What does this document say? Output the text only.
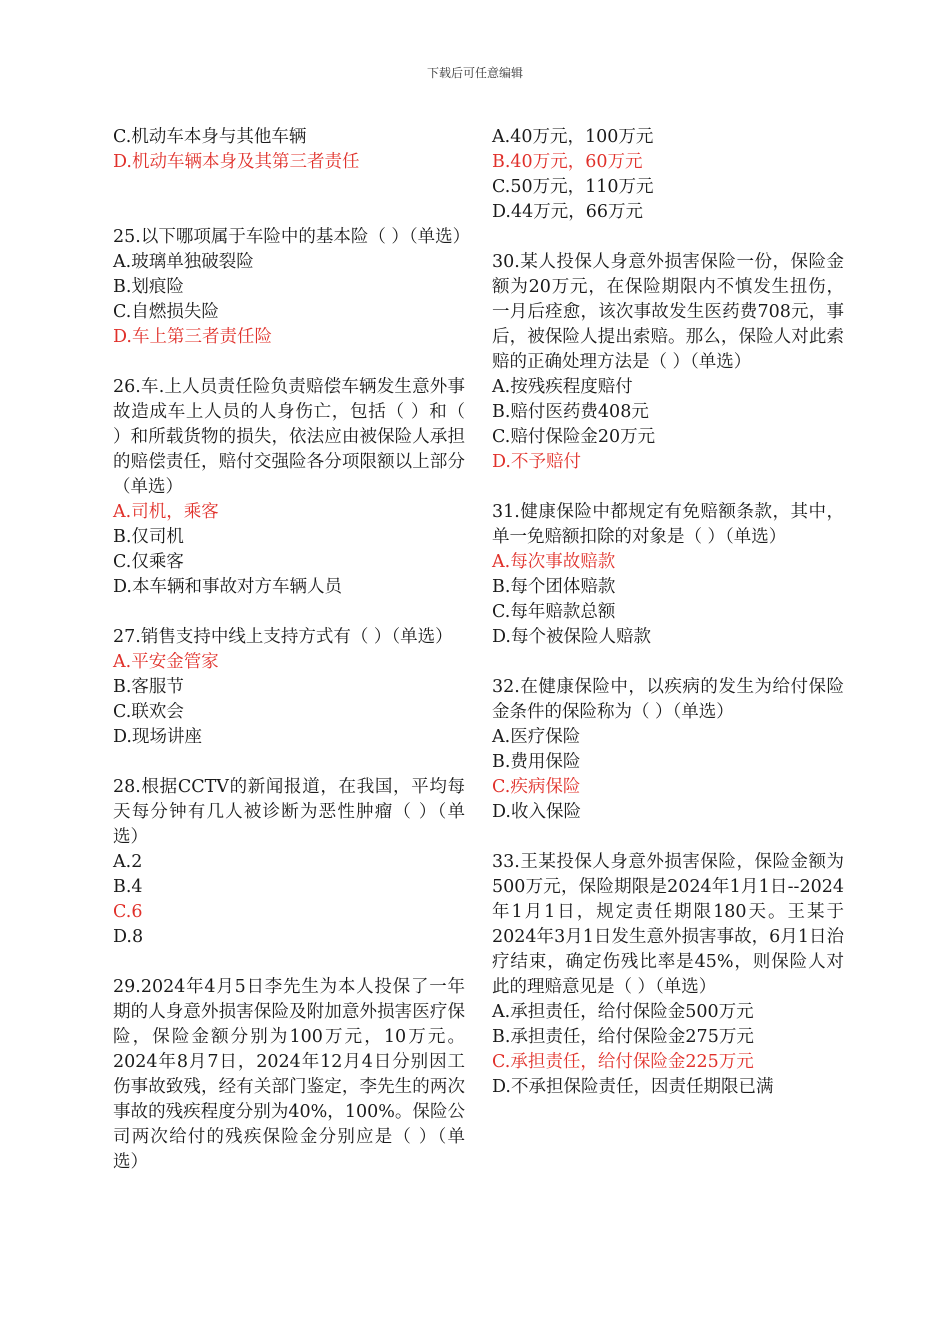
下载后可任意编辑
C.机动车本身与其他车辆
D.机动车辆本身及其第三者责任
25.以下哪项属于车险中的基本险（ ）（单选）
A.玻璃单独破裂险
B.划痕险
C.自燃损失险
D.车上第三者责任险
26.车.上人员责任险负责赔偿车辆发生意外事故造成车上人员的人身伤亡，包括（ ）和（ ）和所载货物的损失，依法应由被保险人承担的赔偿责任，赔付交强险各分项限额以上部分（单选）
A.司机，乘客
B.仅司机
C.仅乘客
D.本车辆和事故对方车辆人员
27.销售支持中线上支持方式有（ ）（单选）
A.平安金管家
B.客服节
C.联欢会
D.现场讲座
28.根据CCTV的新闻报道，在我国，平均每天每分钟有几人被诊断为恶性肿瘤（ ）（单选）
A.2
B.4
C.6
D.8
29.2024年4月5日李先生为本人投保了一年期的人身意外损害保险及附加意外损害医疗保险，保险金额分别为100万元，10万元。2024年8月7日，2024年12月4日分别因工伤事故致残，经有关部门鉴定，李先生的两次事故的残疾程度分别为40%，100%。保险公司两次给付的残疾保险金分别应是（ ）（单选）
A.40万元，100万元
B.40万元，60万元
C.50万元，110万元
D.44万元，66万元
30.某人投保人身意外损害保险一份，保险金额为20万元，在保险期限内不慎发生扭伤，一月后痊愈，该次事故发生医药费708元，事后，被保险人提出索赔。那么，保险人对此索赔的正确处理方法是（ ）（单选）
A.按残疾程度赔付
B.赔付医药费408元
C.赔付保险金20万元
D.不予赔付
31.健康保险中都规定有免赔额条款，其中，单一免赔额扣除的对象是（ ）（单选）
A.每次事故赔款
B.每个团体赔款
C.每年赔款总额
D.每个被保险人赔款
32.在健康保险中，以疾病的发生为给付保险金条件的保险称为（ ）（单选）
A.医疗保险
B.费用保险
C.疾病保险
D.收入保险
33.王某投保人身意外损害保险，保险金额为500万元，保险期限是2024年1月1日--2024年1月1日，规定责任期限180天。王某于2024年3月1日发生意外损害事故，6月1日治疗结束，确定伤残比率是45%，则保险人对此的理赔意见是（ ）（单选）
A.承担责任，给付保险金500万元
B.承担责任，给付保险金275万元
C.承担责任，给付保险金225万元
D.不承担保险责任，因责任期限已满
